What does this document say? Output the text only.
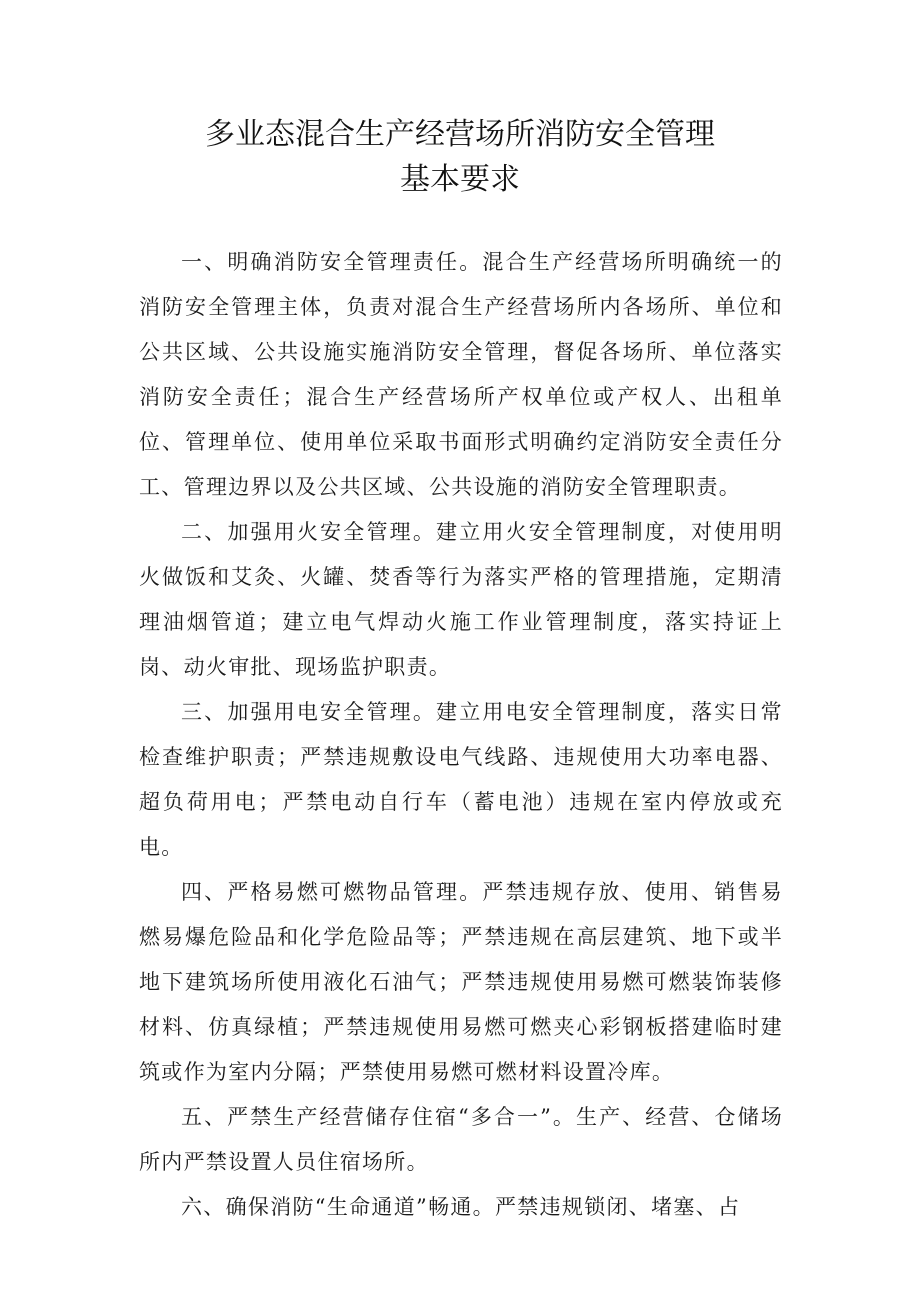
多业态混合生产经营场所消防安全管理
基本要求

一、明确消防安全管理责任。混合生产经营场所明确统一的消防安全管理主体，负责对混合生产经营场所内各场所、单位和公共区域、公共设施实施消防安全管理，督促各场所、单位落实消防安全责任；混合生产经营场所产权单位或产权人、出租单位、管理单位、使用单位采取书面形式明确约定消防安全责任分工、管理边界以及公共区域、公共设施的消防安全管理职责。

二、加强用火安全管理。建立用火安全管理制度，对使用明火做饭和艾灸、火罐、焚香等行为落实严格的管理措施，定期清理油烟管道；建立电气焊动火施工作业管理制度，落实持证上岗、动火审批、现场监护职责。

三、加强用电安全管理。建立用电安全管理制度，落实日常检查维护职责；严禁违规敷设电气线路、违规使用大功率电器、超负荷用电；严禁电动自行车（蓄电池）违规在室内停放或充电。

四、严格易燃可燃物品管理。严禁违规存放、使用、销售易燃易爆危险品和化学危险品等；严禁违规在高层建筑、地下或半地下建筑场所使用液化石油气；严禁违规使用易燃可燃装饰装修材料、仿真绿植；严禁违规使用易燃可燃夹心彩钢板搭建临时建筑或作为室内分隔；严禁使用易燃可燃材料设置冷库。

五、严禁生产经营储存住宿“多合一”。生产、经营、仓储场所内严禁设置人员住宿场所。

六、确保消防“生命通道”畅通。严禁违规锁闭、堵塞、占
